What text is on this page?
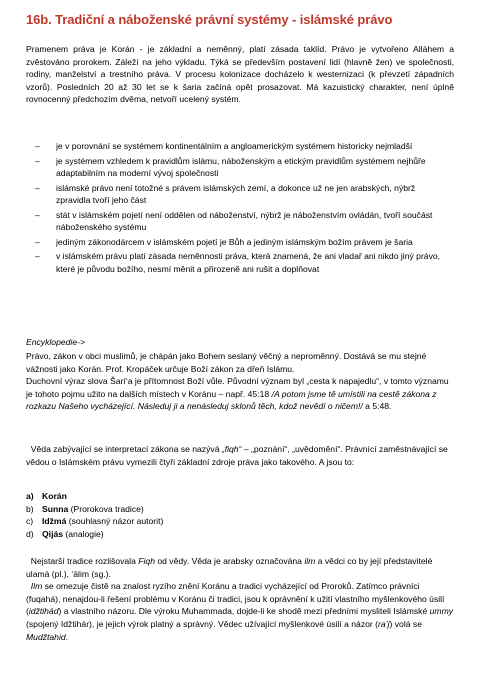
16b. Tradiční a náboženské právní systémy - islámské právo
Pramenem práva je Korán - je základní a neměnný, platí zásada taklíd. Právo je vytvořeno Alláhem a zvěstováno prorokem. Záleží na jeho výkladu. Týká se především postavení lidí (hlavně žen) ve společnosti, rodiny, manželství a trestního práva. V procesu kolonizace docházelo k westernizaci (k převzetí západních vzorů). Posledních 20 až 30 let se k šaria začíná opět prosazovat. Má kazuistický charakter, není úplně rovnocenný předchozím dvěma, netvoří ucelený systém.
– je v porovnání se systémem kontinentálním a angloamerickým systémem historicky nejmladší
– je systémem vzhledem k pravidlům islámu, náboženským a etickým pravidlům systémem nejhůře adaptabilním na moderní vývoj společnosti
– islámské právo není totožné s právem islámských zemí, a dokonce už ne jen arabských, nýbrž zpravidla tvoří jeho část
– stát v islámském pojetí není oddělen od náboženství, nýbrž je náboženstvím ovládán, tvoří součást náboženského systému
– jediným zákonodárcem v islámském pojetí je Bůh a jediným islámským božím právem je šaria
– v islámském právu platí zásada neměnnosti práva, která znamená, že ani vladař ani nikdo jiný právo, které je původu božího, nesmí měnit a přirozeně ani rušit a doplňovat
Encyklopedie->
Právo, zákon v obci muslimů, je chápán jako Bohem seslaný věčný a neproměnný. Dostává se mu stejné vážnosti jako Korán. Prof. Kropáček určuje Boží zákon za dřeň Islámu.
Duchovní výraz slova Šarí‘a je přítomnost Boží vůle. Původní význam byl „cesta k napajedlu“, v tomto významu je tohoto pojmu užito na dalších místech v Koránu – např. 45:18 /A potom jsme tě umístili na cestě zákona z rozkazu Našeho vycházející. Následuj ji a nenásleduj sklonů těch, kdož nevědí o ničem!/ a 5:48.
Věda zabývající se interpretací zákona se nazývá „fiqh“ – „poznání“, „uvědomění“. Právnící zaměstnávající se vědou o Islámském právu vymezili čtyři základní zdroje práva jako takového. A jsou to:
a) Korán
b) Sunna (Prorokova tradice)
c) Idžmá (souhlasný názor autorit)
d) Qijás (analogie)
Nejstarší tradice rozlišovala Fiqh od vědy. Věda je arabsky označována ilm a vědci co by její představitelé ulamá (pl.), ‘ālim (sg.).
Ilm se omezuje čistě na znalost ryzího znění Koránu a tradici vycházející od Proroků. Zatímco právníci (fuqahá), nenajdou-li řešení problému v Koránu či tradici, jsou k oprávnění k užití vlastního myšlenkového úsilí (idžtihád) a vlastního názoru. Dle výroku Muhammada, dojde-li ke shodě mezi předními mysliteli Islámské ummy (spojený Idžtihár), je jejich výrok platný a správný. Vědec užívající myšlenkové úsilí a názor (ra’j) volá se Mudžtahid.
